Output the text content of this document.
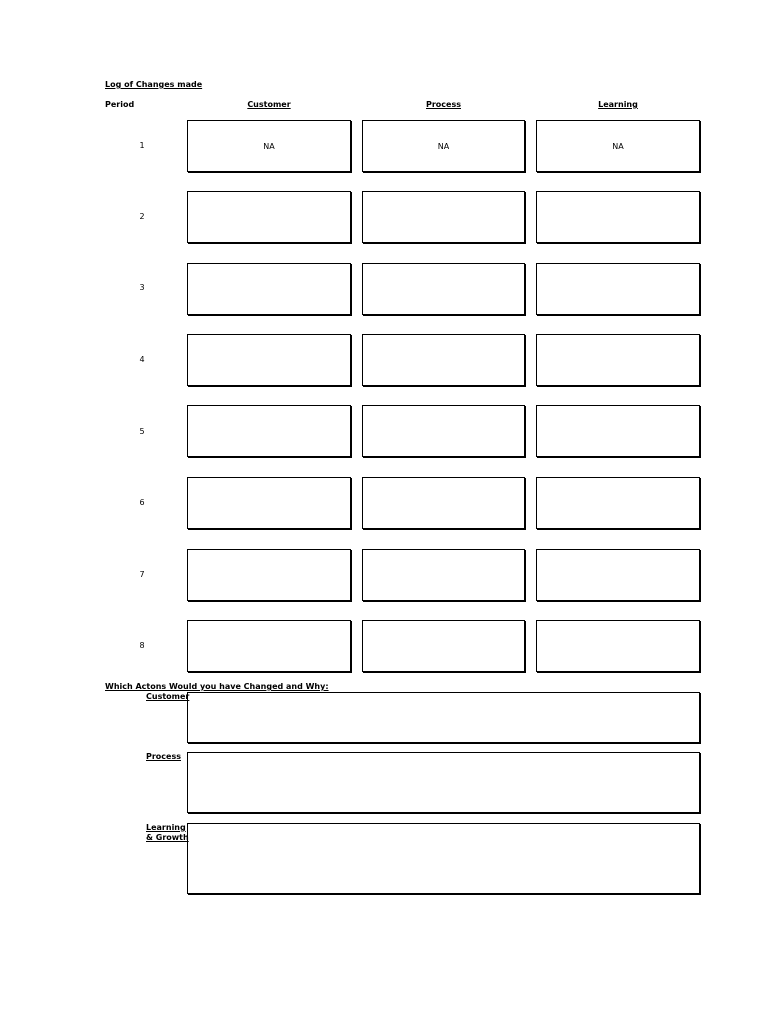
Log of Changes made
Period	Customer	Process	Learning
1	NA	NA	NA
2
3
4
5
6
7
8
Which Actons Would you have Changed and Why:
Customer
Process
Learning
& Growth
